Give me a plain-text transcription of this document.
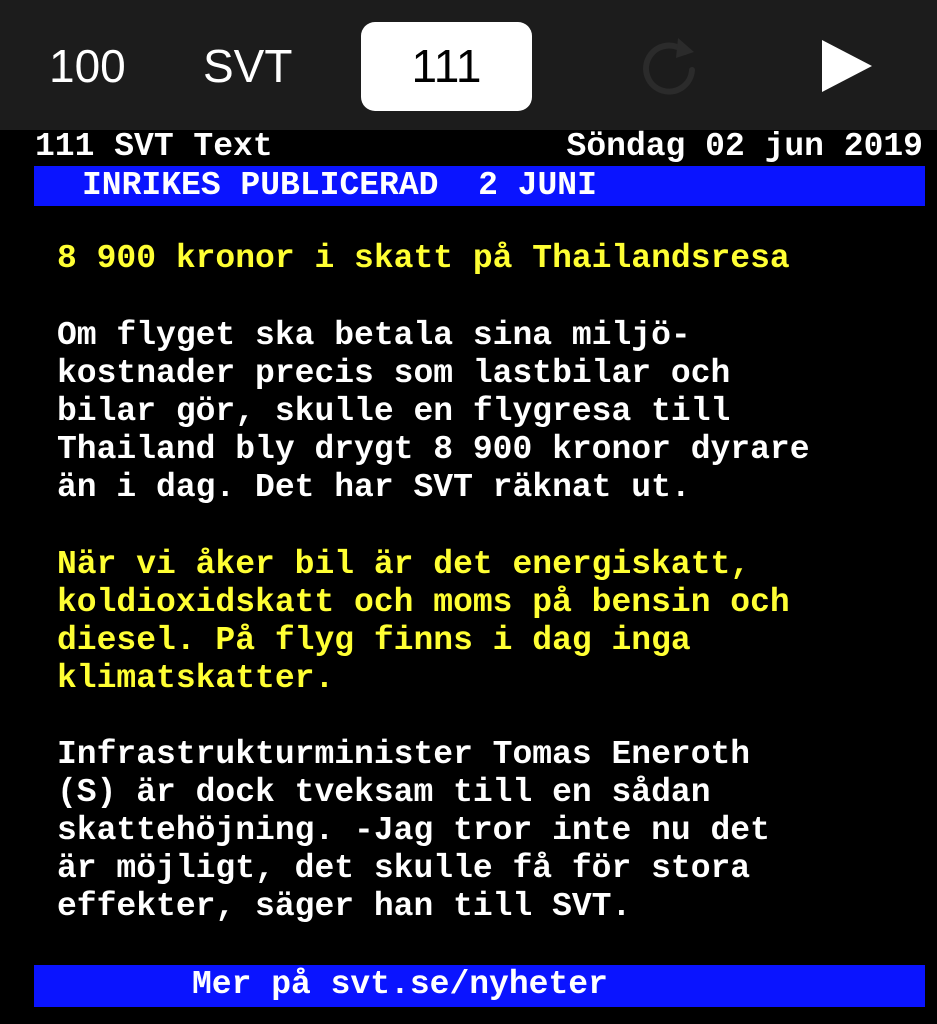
100 SVT	111
111 SVT Text	Söndag 02 jun 2019
INRIKES PUBLICERAD  2 JUNI
8 900 kronor i skatt på Thailandsresa
Om flyget ska betala sina miljö-
kostnader precis som lastbilar och
bilar gör, skulle en flygresa till
Thailand bly drygt 8 900 kronor dyrare
än i dag. Det har SVT räknat ut.
När vi åker bil är det energiskatt,
koldioxidskatt och moms på bensin och
diesel. På flyg finns i dag inga
klimatskatter.
Infrastrukturminister Tomas Eneroth
(S) är dock tveksam till en sådan
skattehöjning. -Jag tror inte nu det
är möjligt, det skulle få för stora
effekter, säger han till SVT.
Mer på svt.se/nyheter
